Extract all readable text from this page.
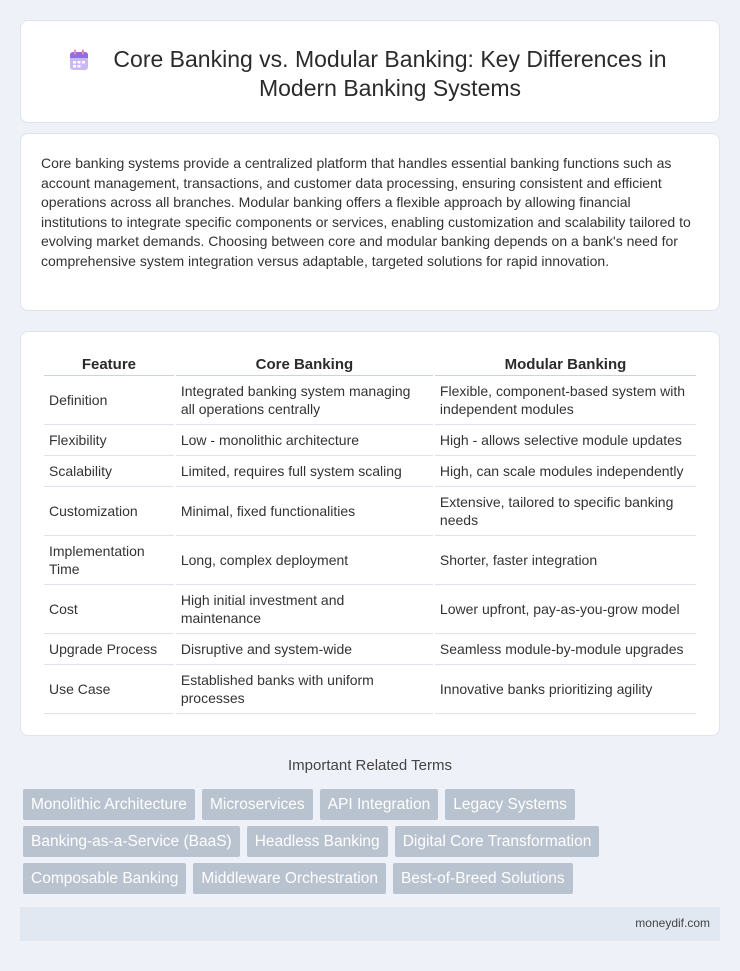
Core Banking vs. Modular Banking: Key Differences in Modern Banking Systems

Core banking systems provide a centralized platform that handles essential banking functions such as account management, transactions, and customer data processing, ensuring consistent and efficient operations across all branches. Modular banking offers a flexible approach by allowing financial institutions to integrate specific components or services, enabling customization and scalability tailored to evolving market demands. Choosing between core and modular banking depends on a bank's need for comprehensive system integration versus adaptable, targeted solutions for rapid innovation.

Feature	Core Banking	Modular Banking
Definition	Integrated banking system managing all operations centrally	Flexible, component-based system with independent modules
Flexibility	Low - monolithic architecture	High - allows selective module updates
Scalability	Limited, requires full system scaling	High, can scale modules independently
Customization	Minimal, fixed functionalities	Extensive, tailored to specific banking needs
Implementation Time	Long, complex deployment	Shorter, faster integration
Cost	High initial investment and maintenance	Lower upfront, pay-as-you-grow model
Upgrade Process	Disruptive and system-wide	Seamless module-by-module upgrades
Use Case	Established banks with uniform processes	Innovative banks prioritizing agility
Important Related Terms
Monolithic Architecture	Microservices	API Integration	Legacy Systems
Banking-as-a-Service (BaaS)	Headless Banking	Digital Core Transformation
Composable Banking	Middleware Orchestration	Best-of-Breed Solutions
moneydif.com
